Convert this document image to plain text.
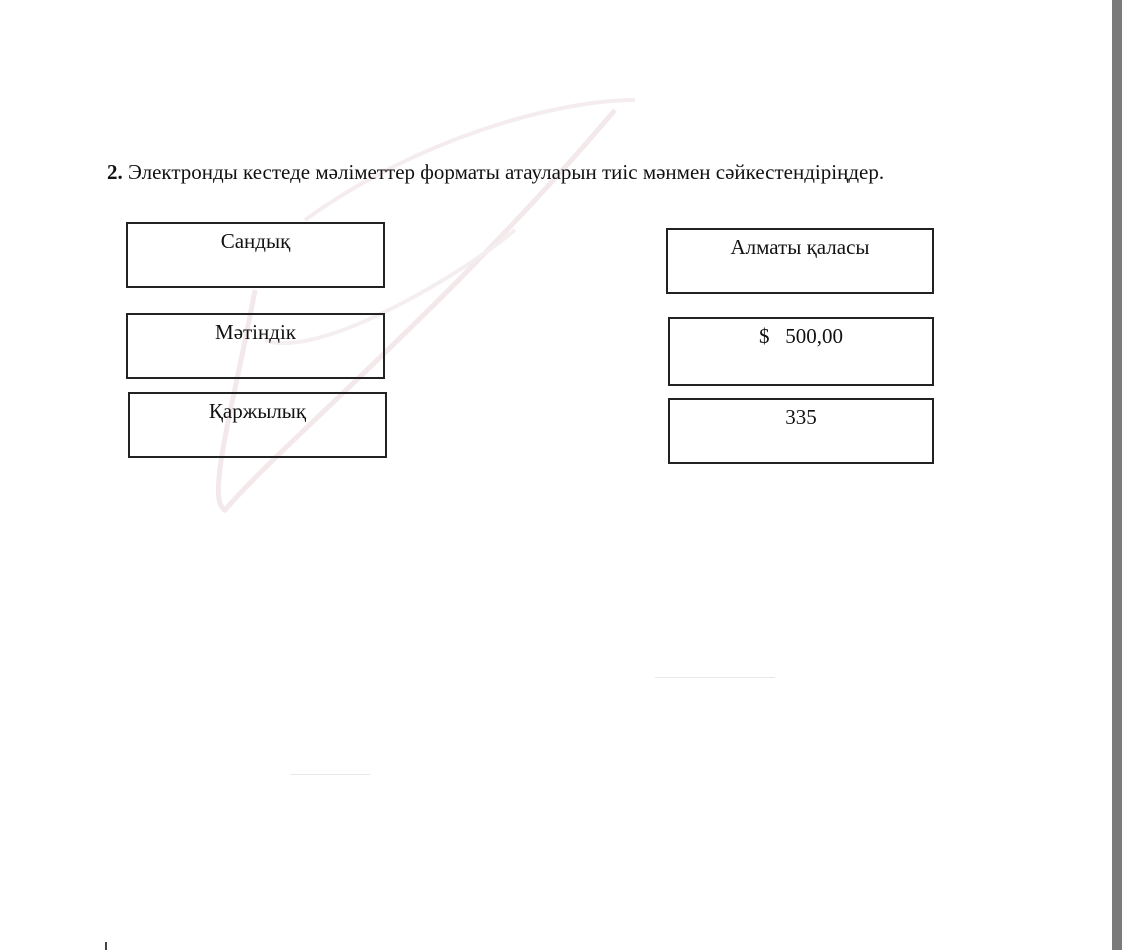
2. Электронды кестеде мәліметтер форматы атауларын тиіс мәнмен сәйкестендіріңдер.
Сандық
Мәтіндік
Қаржылық
Алматы қаласы
$   500,00
335
